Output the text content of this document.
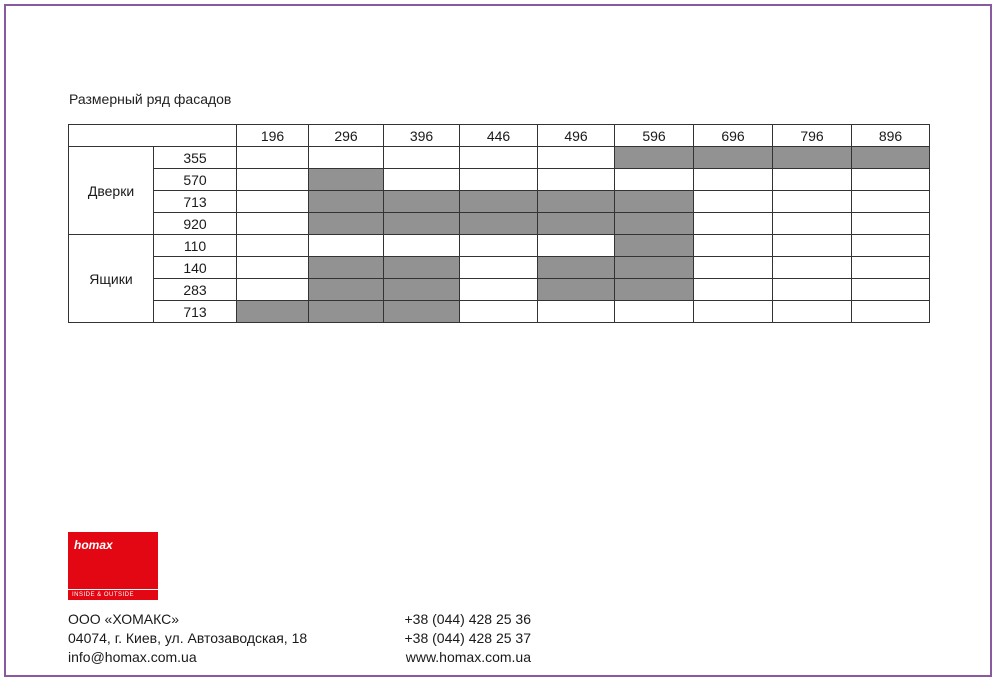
Размерный ряд фасадов
		196	296	396	446	496	596	696	796	896
Дверки	355									
	570									
	713									
	920									
Ящики	110									
	140									
	283									
	713									
homax
INSIDE & OUTSIDE
ООО «ХОМАКС»
04074, г. Киев, ул. Автозаводская, 18
info@homax.com.ua
+38 (044) 428 25 36
+38 (044) 428 25 37
www.homax.com.ua
